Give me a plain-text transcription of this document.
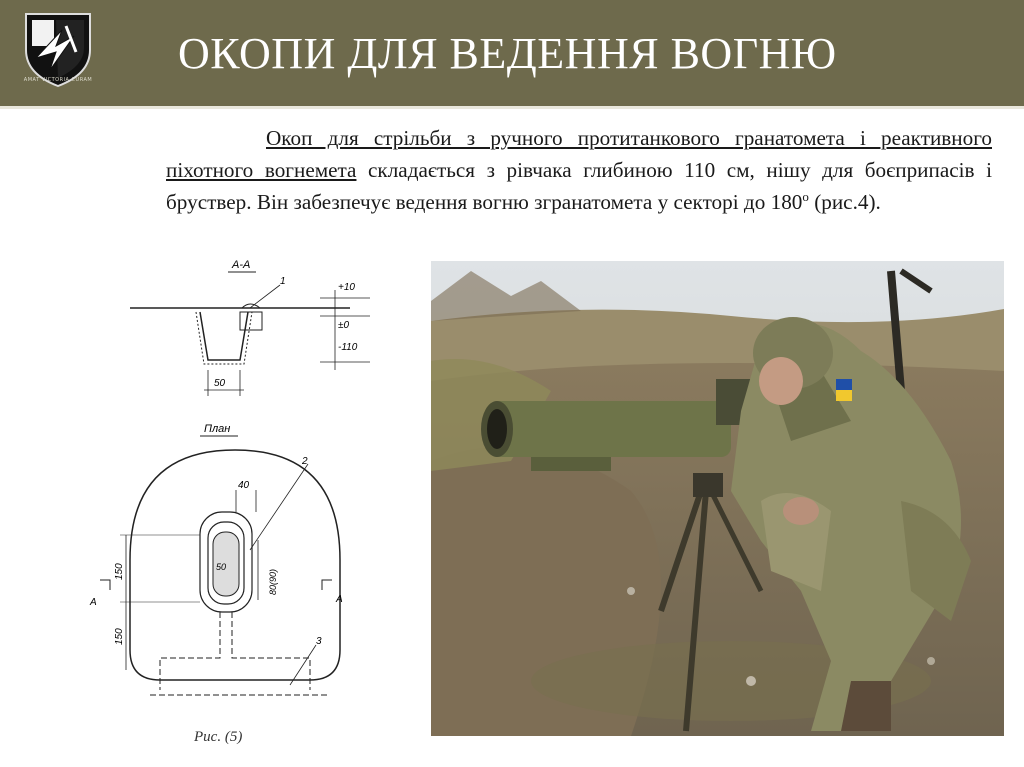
AMAT VICTORIA CURAM
ОКОПИ ДЛЯ ВЕДЕННЯ ВОГНЮ
Окоп для стрільби з ручного протитанкового гранатомета і реактивного піхотного вогнемета складається з рівчака глибиною 110 см, нішу для боєприпасів і бруствер. Він забезпечує ведення вогню згранатомета у секторі до $180^о$ (рис.4).
А-А
1
+10
±0
-110
50
План
50
40
2
80(90)
150
150
А	А
3
Рис. (5)
